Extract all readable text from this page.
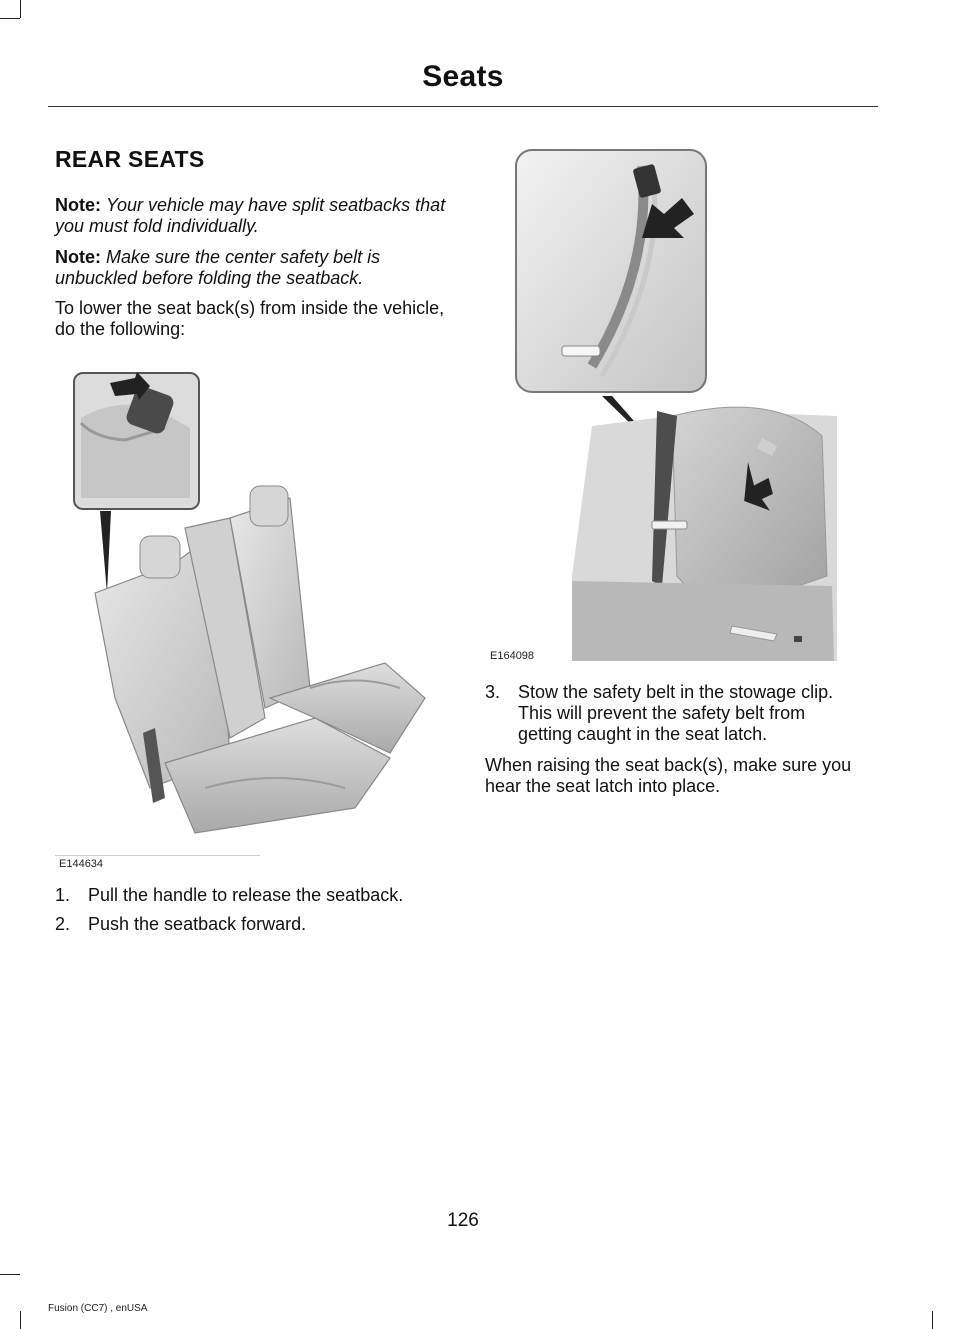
Seats
REAR SEATS

Note: Your vehicle may have split seatbacks that you must fold individually.

Note: Make sure the center safety belt is unbuckled before folding the seatback.

To lower the seat back(s) from inside the vehicle, do the following:

E144634
E164098
1. Pull the handle to release the seatback.
2. Push the seatback forward.
3. Stow the safety belt in the stowage clip. This will prevent the safety belt from getting caught in the seat latch.

When raising the seat back(s), make sure you hear the seat latch into place.

126
Fusion (CC7) , enUSA
